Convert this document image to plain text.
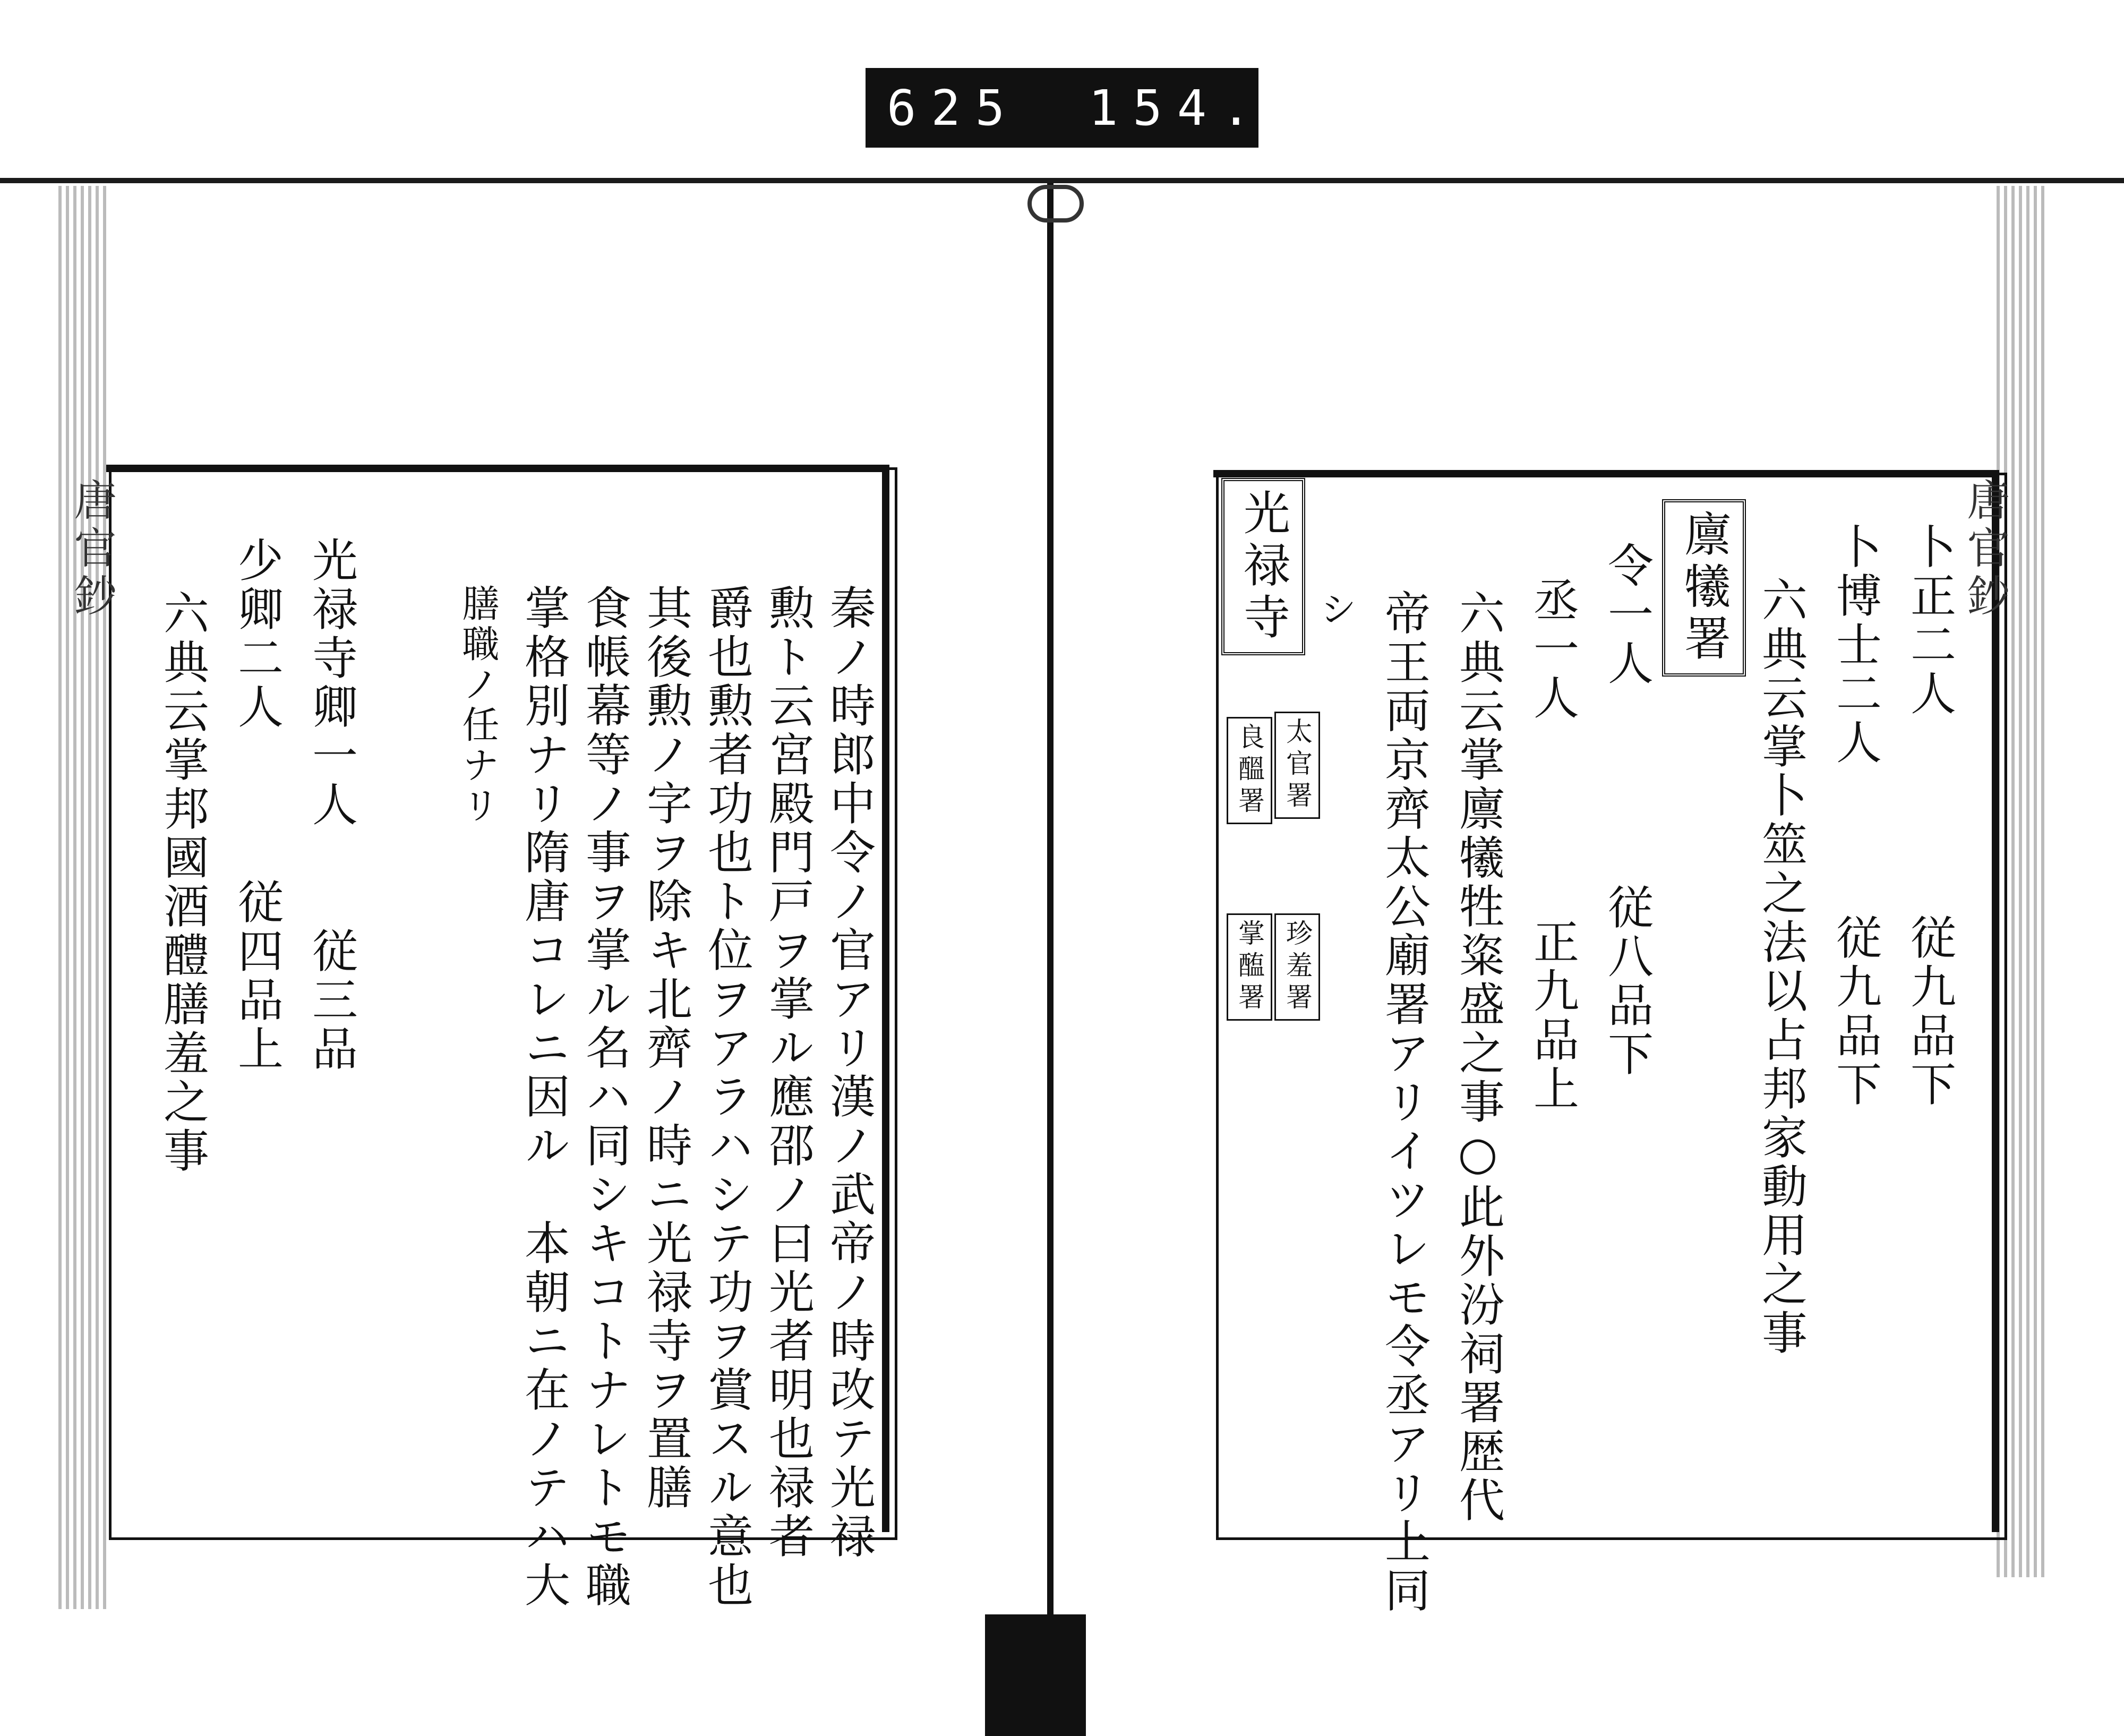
625 154.
唐官鈔
秦ノ時郎中令ノ官アリ漢ノ武帝ノ時改テ光禄
勲ト云宮殿門戸ヲ掌ル應邵ノ曰光者明也禄者
爵也勲者功也ト位ヲアラハシテ功ヲ賞スル意也
其後勲ノ字ヲ除キ北齊ノ時ニ光禄寺ヲ置膳
食帳幕等ノ事ヲ掌ル名ハ同シキコトナレトモ職
掌格別ナリ隋唐コレニ因ル　本朝ニ在ノテハ大
膳職ノ任ナリ
光禄寺卿一人　　従三品
少卿二人　　　従四品上
六典云掌邦國酒醴膳羞之事
唐官鈔
卜正二人　　　　従九品下
卜博士二人　　　従九品下
六典云掌卜筮之法以占邦家動用之事
廪犧署
令一人　　　　従八品下
丞一人　　　　正九品上
六典云掌廪犧牲粢盛之事○此外汾祠署歴代
帝王両京齊太公廟署アリイツレモ令丞アリ上同
シ
光禄寺
太官署
良醞署
珍羞署
掌醢署
